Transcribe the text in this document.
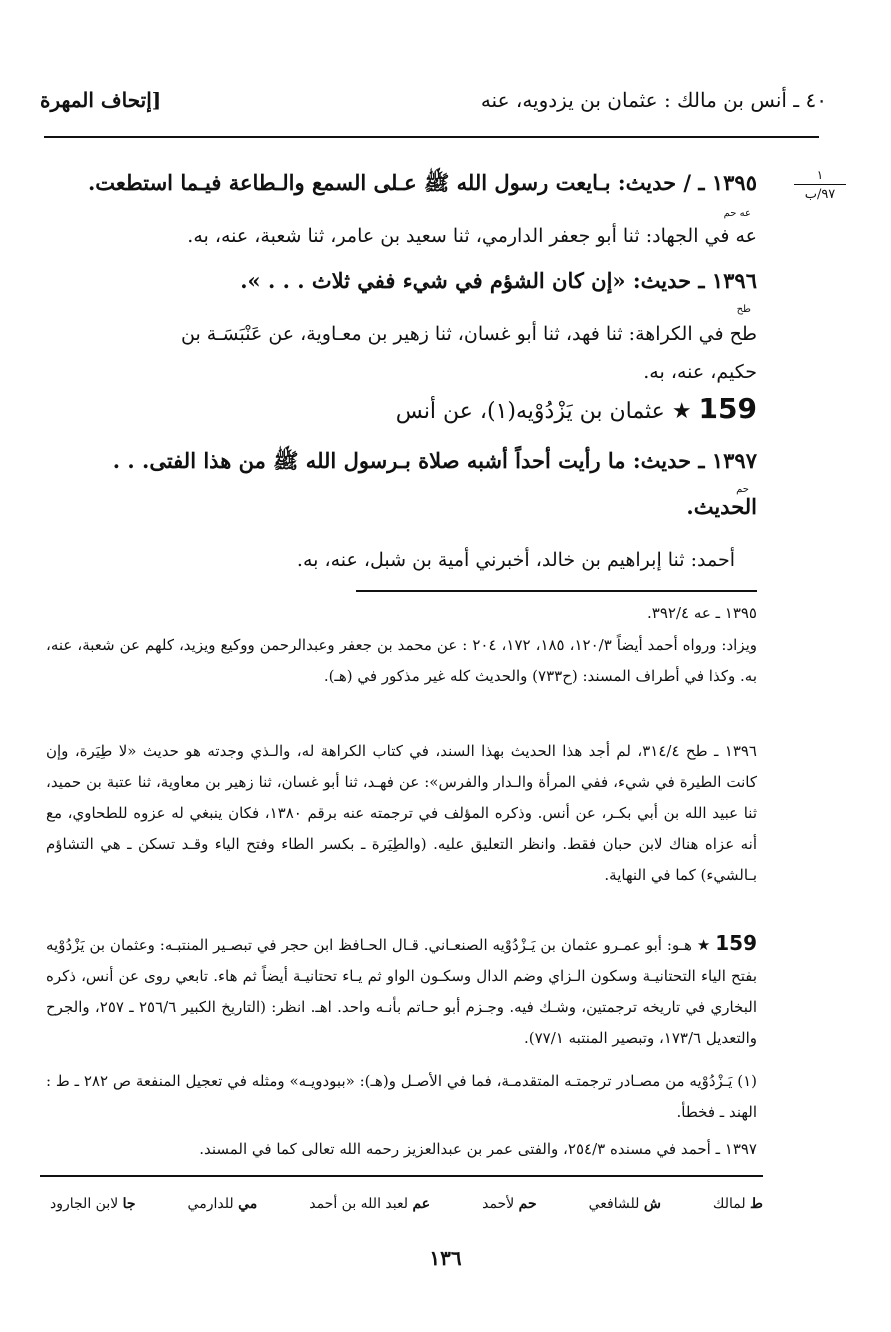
[إتحاف المهرة	٤٠ ـ أنس بن مالك : عثمان بن يزدويه، عنه
١
٩٧/ب
١٣٩٥ ـ / حديث: بـايعت رسول الله ﷺ عـلى السمع والـطاعة فيـما استطعت.
عه حم
عه في الجهاد: ثنا أبو جعفر الدارمي، ثنا سعيد بن عامر، ثنا شعبة، عنه، به.
١٣٩٦ ـ حديث: «إن كان الشؤم في شيء ففي ثلاث . . . ».
طح
طح في الكراهة: ثنا فهد، ثنا أبو غسان، ثنا زهير بن معـاوية، عن عَنْبَسَـة بن
حكيم، عنه، به.
159 ★ عثمان بن يَزْدُوْيه(١)، عن أنس
١٣٩٧ ـ حديث: ما رأيت أحداً أشبه صلاة بـرسول الله ﷺ من هذا الفتى. . .
حم
الحديث.
أحمد: ثنا إبراهيم بن خالد، أخبرني أمية بن شبل، عنه، به.
١٣٩٥ ـ عه ٣٩٢/٤.
ويزاد: ورواه أحمد أيضاً ١٢٠/٣، ١٨٥، ١٧٢، ٢٠٤ : عن محمد بن جعفر وعبدالرحمن ووكيع ويزيد، كلهم عن شعبة، عنه، به. وكذا في أطراف المسند: (ح٧٣٣) والحديث كله غير مذكور في (هـ).
١٣٩٦ ـ طح ٣١٤/٤، لم أجد هذا الحديث بهذا السند، في كتاب الكراهة له، والـذي وجدته هو حديث «لا طِيَرة، وإن كانت الطيرة في شيء، ففي المرأة والـدار والفرس»: عن فهـد، ثنا أبو غسان، ثنا زهير بن معاوية، ثنا عتبة بن حميد، ثنا عبيد الله بن أبي بكـر، عن أنس. وذكره المؤلف في ترجمته عنه برقم ١٣٨٠، فكان ينبغي له عزوه للطحاوي، مع أنه عزاه هناك لابن حبان فقط. وانظر التعليق عليه. (والطِيَرة ـ بكسر الطاء وفتح الياء وقـد تسكن ـ هي التشاؤم بـالشيء) كما في النهاية.
159 ★ هـو: أبو عمـرو عثمان بن يَـزْدُوْيه الصنعـاني. قـال الحـافظ ابن حجر في تبصـير المنتبـه: وعثمان بن يَزْدُوْيه بفتح الياء التحتانيـة وسكون الـزاي وضم الدال وسكـون الواو ثم يـاء تحتانيـة أيضاً ثم هاء. تابعي روى عن أنس، ذكره البخاري في تاريخه ترجمتين، وشـك فيه. وجـزم أبو حـاتم بأنـه واحد. اهـ. انظر: (التاريخ الكبير ٢٥٦/٦ ـ ٢٥٧، والجرح والتعديل ١٧٣/٦، وتبصير المنتبه ٧٧/١).
(١) يَـزْدُوْيه من مصـادر ترجمتـه المتقدمـة، فما في الأصـل و(هـ): «ببودويـه» ومثله في تعجيل المنفعة ص ٢٨٢ ـ ط : الهند ـ فخطأ.
١٣٩٧ ـ أحمد في مسنده ٢٥٤/٣، والفتى عمر بن عبدالعزيز رحمه الله تعالى كما في المسند.
ط لمالك
ش للشافعي
حم لأحمد
عم لعبد الله بن أحمد
مي للدارمي
جا لابن الجارود
١٣٦
